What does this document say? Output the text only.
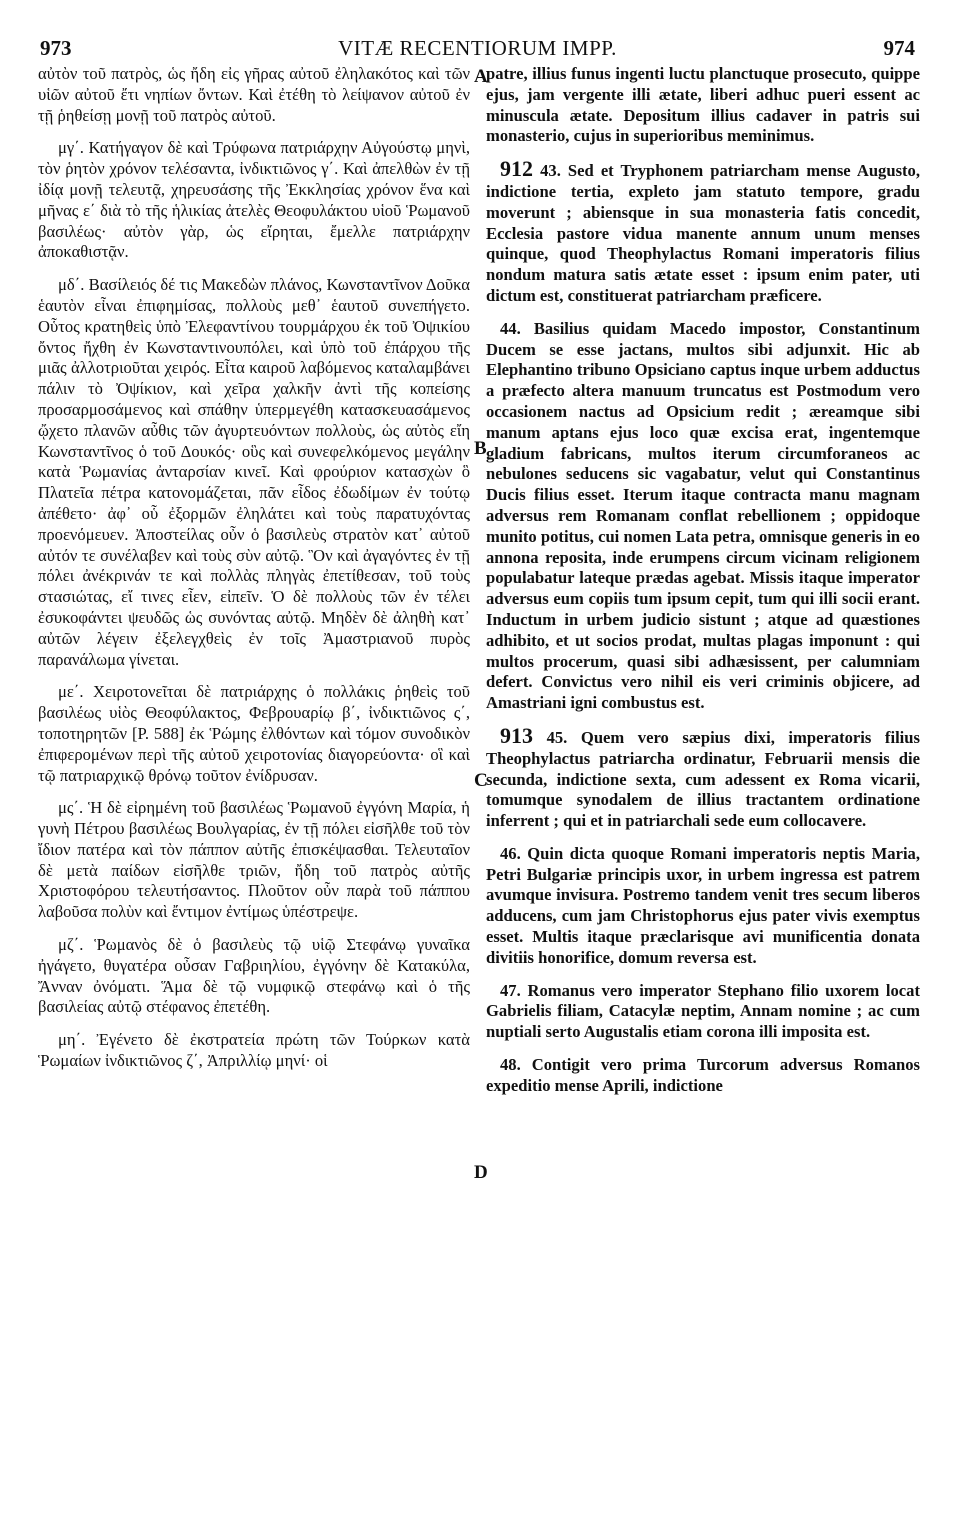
973	VITÆ RECENTIORUM IMPP.	974

αὐτὸν τοῦ πατρὸς, ὡς ἤδη εἰς γῆρας αὐτοῦ ἐληλακότος καὶ τῶν υἱῶν αὐτοῦ ἔτι νηπίων ὄντων. Καὶ ἐτέθη τὸ λείψανον αὐτοῦ ἐν τῇ ῥηθείσῃ μονῇ τοῦ πατρὸς αὐτοῦ.

μγ΄. Κατήγαγον δὲ καὶ Τρύφωνα πατριάρχην Αὐγούστῳ μηνὶ, τὸν ῥητὸν χρόνον τελέσαντα, ἰνδικτιῶνος γ΄. Καὶ ἀπελθὼν ἐν τῇ ἰδίᾳ μονῇ τελευτᾷ, χηρευσάσης τῆς Ἐκκλησίας χρόνον ἕνα καὶ μῆνας ε΄ διὰ τὸ τῆς ἡλικίας ἀτελὲς Θεοφυλάκτου υἱοῦ Ῥωμανοῦ βασιλέως· αὐτὸν γὰρ, ὡς εἴρηται, ἔμελλε πατριάρχην ἀποκαθιστᾷν.

μδ΄. Βασίλειός δέ τις Μακεδὼν πλάνος, Κωνσταντῖνον Δοῦκα ἑαυτὸν εἶναι ἐπιφημίσας, πολλοὺς μεθ᾽ ἑαυτοῦ συνεπήγετο. Οὗτος κρατηθεὶς ὑπὸ Ἐλεφαντίνου τουρμάρχου ἐκ τοῦ Ὀψικίου ὄντος ἤχθη ἐν Κωνσταντινουπόλει, καὶ ὑπὸ τοῦ ἐπάρχου τῆς μιᾶς ἀλλοτριοῦται χειρός. Εἶτα καιροῦ λαβόμενος καταλαμβάνει πάλιν τὸ Ὀψίκιον, καὶ χεῖρα χαλκῆν ἀντὶ τῆς κοπείσης προσαρμοσάμενος καὶ σπάθην ὑπερμεγέθη κατασκευασάμενος ᾤχετο πλανῶν αὖθις τῶν ἀγυρτευόντων πολλοὺς, ὡς αὐτὸς εἴη Κωνσταντῖνος ὁ τοῦ Δουκός· οὓς καὶ συνεφελκόμενος μεγάλην κατὰ Ῥωμανίας ἀνταρσίαν κινεῖ. Καὶ φρούριον κατασχὼν ὃ Πλατεῖα πέτρα κατονομάζεται, πᾶν εἶδος ἐδωδίμων ἐν τούτῳ ἀπέθετο· ἀφ᾽ οὗ ἐξορμῶν ἐληλάτει καὶ τοὺς παρατυχόντας προενόμευεν. Ἀποστείλας οὖν ὁ βασιλεὺς στρατὸν κατ᾽ αὐτοῦ αὐτόν τε συνέλαβεν καὶ τοὺς σὺν αὐτῷ. Ὃν καὶ ἀγαγόντες ἐν τῇ πόλει ἀνέκρινάν τε καὶ πολλὰς πληγὰς ἐπετίθεσαν, τοῦ τοὺς στασιώτας, εἴ τινες εἶεν, εἰπεῖν. Ὁ δὲ πολλοὺς τῶν ἐν τέλει ἐσυκοφάντει ψευδῶς ὡς συνόντας αὐτῷ. Μηδὲν δὲ ἀληθὴ κατ᾽ αὐτῶν λέγειν ἐξελεγχθεὶς ἐν τοῖς Ἀμαστριανοῦ πυρὸς παρανάλωμα γίνεται.

με΄. Χειροτονεῖται δὲ πατριάρχης ὁ πολλάκις ῥηθεὶς τοῦ βασιλέως υἱὸς Θεοφύλακτος, Φεβρουαρίῳ β΄, ἰνδικτιῶνος ς΄, τοποτηρητῶν [P. 588] ἐκ Ῥώμης ἐλθόντων καὶ τόμον συνοδικὸν ἐπιφερομένων περὶ τῆς αὐτοῦ χειροτονίας διαγορεύοντα· οἳ καὶ τῷ πατριαρχικῷ θρόνῳ τοῦτον ἐνίδρυσαν.

μς΄. Ἡ δὲ εἰρημένη τοῦ βασιλέως Ῥωμανοῦ ἐγγόνη Μαρία, ἡ γυνὴ Πέτρου βασιλέως Βουλγαρίας, ἐν τῇ πόλει εἰσῆλθε τοῦ τὸν ἴδιον πατέρα καὶ τὸν πάππον αὐτῆς ἐπισκέψασθαι. Τελευταῖον δὲ μετὰ παίδων εἰσῆλθε τριῶν, ἤδη τοῦ πατρὸς αὐτῆς Χριστοφόρου τελευτήσαντος. Πλοῦτον οὖν παρὰ τοῦ πάππου λαβοῦσα πολὺν καὶ ἔντιμον ἐντίμως ὑπέστρεψε.

μζ΄. Ῥωμανὸς δὲ ὁ βασιλεὺς τῷ υἱῷ Στεφάνῳ γυναῖκα ἠγάγετο, θυγατέρα οὖσαν Γαβριηλίου, ἐγγόνην δὲ Κατακύλα, Ἄνναν ὀνόματι. Ἅμα δὲ τῷ νυμφικῷ στεφάνῳ καὶ ὁ τῆς βασιλείας αὐτῷ στέφανος ἐπετέθη.

μη΄. Ἐγένετο δὲ ἐκστρατεία πρώτη τῶν Τούρκων κατὰ Ῥωμαίων ἰνδικτιῶνος ζ΄, Ἀπριλλίῳ μηνί· οἱ

A
B
C
D

patre, illius funus ingenti luctu planctuque prosecuto, quippe ejus, jam vergente illi ætate, liberi adhuc pueri essent ac minuscula ætate. Depositum illius cadaver in patris sui monasterio, cujus in superioribus meminimus.

912 43. Sed et Tryphonem patriarcham mense Augusto, indictione tertia, expleto jam statuto tempore, gradu moverunt ; abiensque in sua monasteria fatis concedit, Ecclesia pastore vidua manente annum unum menses quinque, quod Theophylactus Romani imperatoris filius nondum matura satis ætate esset : ipsum enim pater, uti dictum est, constituerat patriarcham præficere.

44. Basilius quidam Macedo impostor, Constantinum Ducem se esse jactans, multos sibi adjunxit. Hic ab Elephantino tribuno Opsiciano captus inque urbem adductus a præfecto altera manuum truncatus est Postmodum vero occasionem nactus ad Opsicium redit ; æreamque sibi manum aptans ejus loco quæ excisa erat, ingentemque gladium fabricans, multos iterum circumforaneos ac nebulones seducens sic vagabatur, velut qui Constantinus Ducis filius esset. Iterum itaque contracta manu magnam adversus rem Romanam conflat rebellionem ; oppidoque munito potitus, cui nomen Lata petra, omnisque generis in eo annona reposita, inde erumpens circum vicinam religionem populabatur lateque prædas agebat. Missis itaque imperator adversus eum copiis tum ipsum cepit, tum qui illi socii erant. Inductum in urbem judicio sistunt ; atque ad quæstiones adhibito, et ut socios prodat, multas plagas imponunt : qui multos procerum, quasi sibi adhæsissent, per calumniam defert. Convictus vero nihil eis veri criminis objicere, ad Amastriani igni combustus est.

913 45. Quem vero sæpius dixi, imperatoris filius Theophylactus patriarcha ordinatur, Februarii mensis die secunda, indictione sexta, cum adessent ex Roma vicarii, tomumque synodalem de illius tractantem ordinatione inferrent ; qui et in patriarchali sede eum collocavere.

46. Quin dicta quoque Romani imperatoris neptis Maria, Petri Bulgariæ principis uxor, in urbem ingressa est patrem avumque invisura. Postremo tandem venit tres secum liberos adducens, cum jam Christophorus ejus pater vivis exemptus esset. Multis itaque præclarisque avi munificentia donata divitiis honorifice, domum reversa est.

47. Romanus vero imperator Stephano filio uxorem locat Gabrielis filiam, Catacylæ neptim, Annam nomine ; ac cum nuptiali serto Augustalis etiam corona illi imposita est.

48. Contigit vero prima Turcorum adversus Romanos expeditio mense Aprili, indictione
